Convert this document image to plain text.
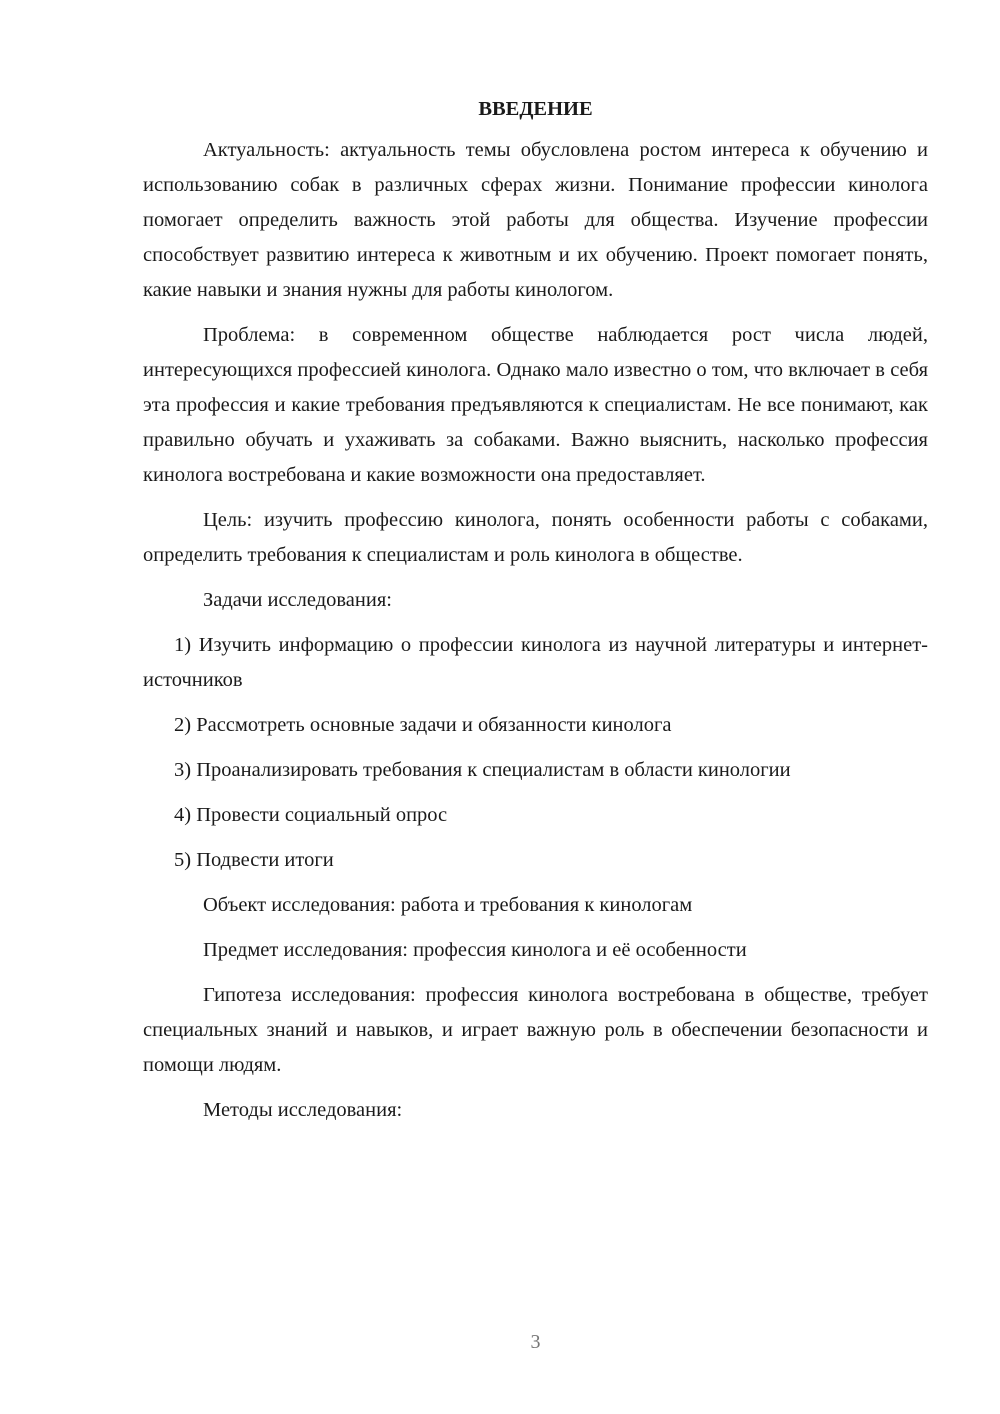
ВВЕДЕНИЕ

Актуальность: актуальность темы обусловлена ростом интереса к обучению и использованию собак в различных сферах жизни. Понимание профессии кинолога помогает определить важность этой работы для общества. Изучение профессии способствует развитию интереса к животным и их обучению. Проект помогает понять, какие навыки и знания нужны для работы кинологом.

Проблема: в современном обществе наблюдается рост числа людей, интересующихся профессией кинолога. Однако мало известно о том, что включает в себя эта профессия и какие требования предъявляются к специалистам. Не все понимают, как правильно обучать и ухаживать за собаками. Важно выяснить, насколько профессия кинолога востребована и какие возможности она предоставляет.

Цель: изучить профессию кинолога, понять особенности работы с собаками, определить требования к специалистам и роль кинолога в обществе.

Задачи исследования:

1) Изучить информацию о профессии кинолога из научной литературы и интернет-источников

2) Рассмотреть основные задачи и обязанности кинолога

3) Проанализировать требования к специалистам в области кинологии

4) Провести социальный опрос

5) Подвести итоги

Объект исследования: работа и требования к кинологам

Предмет исследования: профессия кинолога и её особенности

Гипотеза исследования: профессия кинолога востребована в обществе, требует специальных знаний и навыков, и играет важную роль в обеспечении безопасности и помощи людям.

Методы исследования:

3
